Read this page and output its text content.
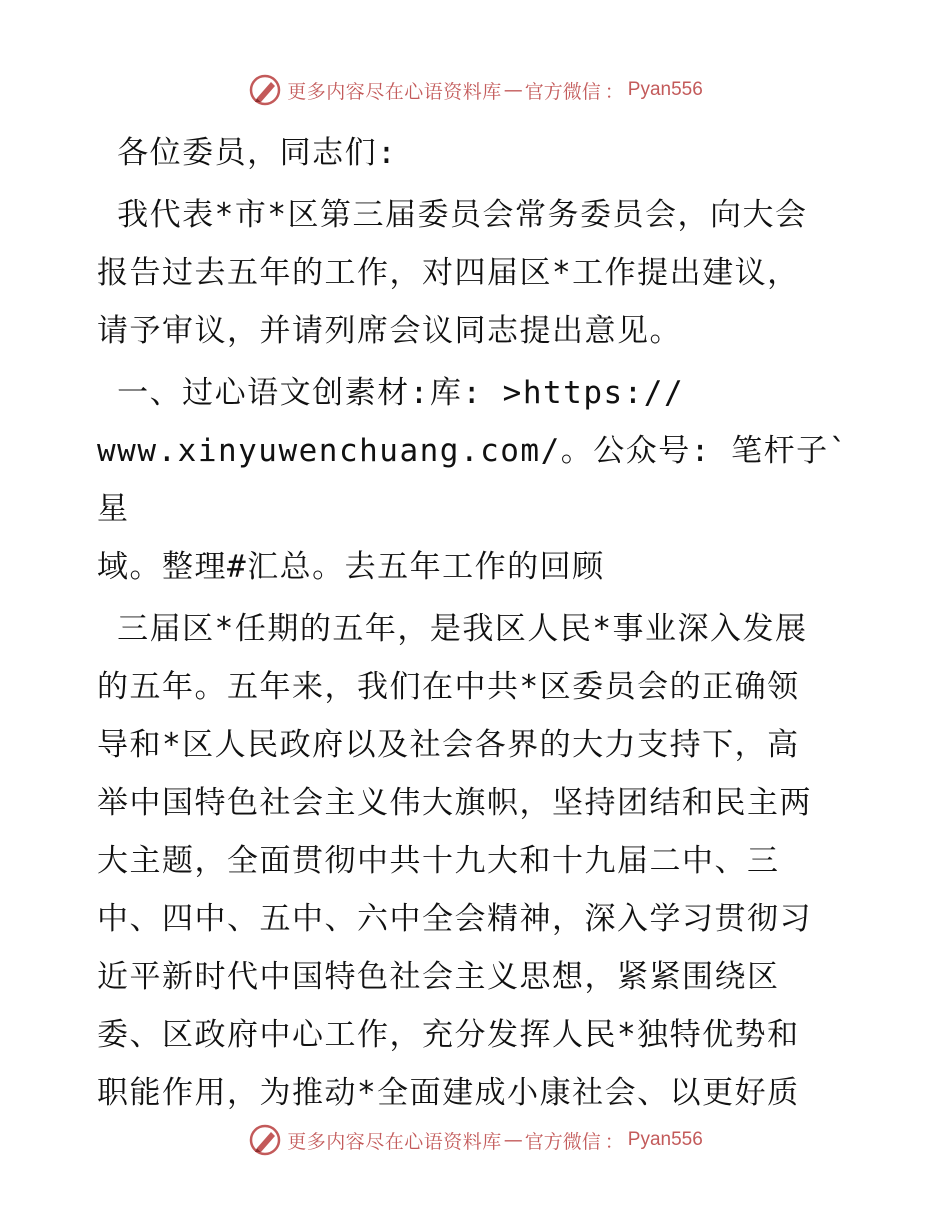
更多内容尽在心语资料库 — 官方微信 ： Pyan556

各位委员，同志们:

我代表*市*区第三届委员会常务委员会，向大会
报告过去五年的工作，对四届区*工作提出建议，
请予审议，并请列席会议同志提出意见。

一、过心语文创素材:库: >https://
www.xinyuwenchuang.com/。公众号: 笔杆子`星
域。整理#汇总。去五年工作的回顾

三届区*任期的五年，是我区人民*事业深入发展
的五年。五年来，我们在中共*区委员会的正确领
导和*区人民政府以及社会各界的大力支持下，高
举中国特色社会主义伟大旗帜，坚持团结和民主两
大主题，全面贯彻中共十九大和十九届二中、三
中、四中、五中、六中全会精神，深入学习贯彻习
近平新时代中国特色社会主义思想，紧紧围绕区
委、区政府中心工作，充分发挥人民*独特优势和
职能作用，为推动*全面建成小康社会、以更好质

更多内容尽在心语资料库 — 官方微信 ： Pyan556
